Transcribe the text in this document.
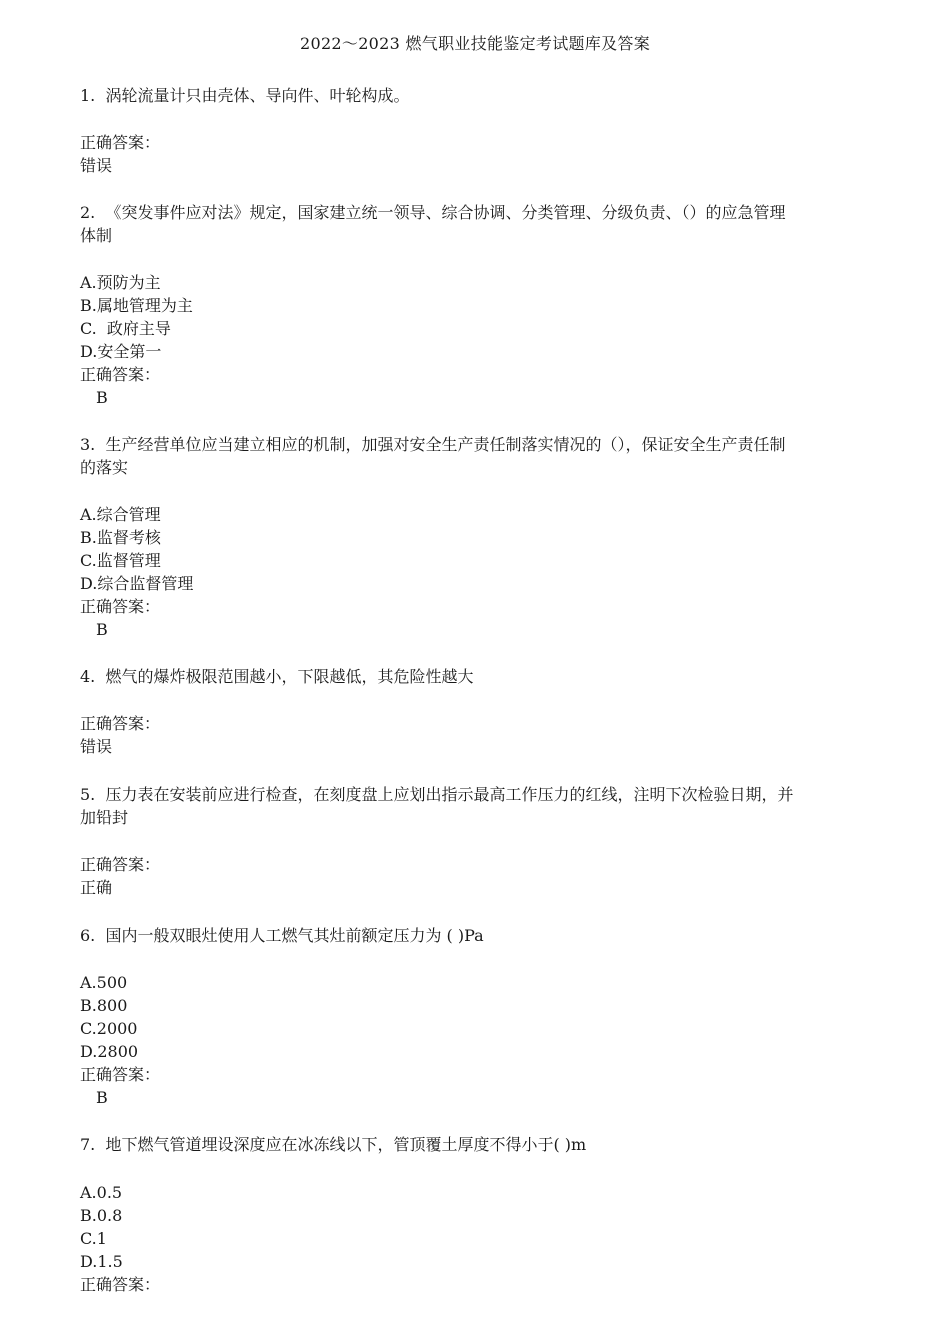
2022～2023 燃气职业技能鉴定考试题库及答案
1. 涡轮流量计只由壳体、导向件、叶轮构成。
正确答案：
错误
2. 《突发事件应对法》规定，国家建立统一领导、综合协调、分类管理、分级负责、（）的应急管理
体制
A.预防为主
B.属地管理为主
C.  政府主导
D.安全第一
正确答案：
B
3. 生产经营单位应当建立相应的机制，加强对安全生产责任制落实情况的（），保证安全生产责任制
的落实
A.综合管理
B.监督考核
C.监督管理
D.综合监督管理
正确答案：
B
4. 燃气的爆炸极限范围越小，下限越低，其危险性越大
正确答案：
错误
5. 压力表在安装前应进行检查，在刻度盘上应划出指示最高工作压力的红线，注明下次检验日期，并
加铅封
正确答案：
正确
6. 国内一般双眼灶使用人工燃气其灶前额定压力为 ( )Pa
A.500
B.800
C.2000
D.2800
正确答案：
B
7. 地下燃气管道埋设深度应在冰冻线以下，管顶覆土厚度不得小于( )m
A.0.5
B.0.8
C.1
D.1.5
正确答案：
